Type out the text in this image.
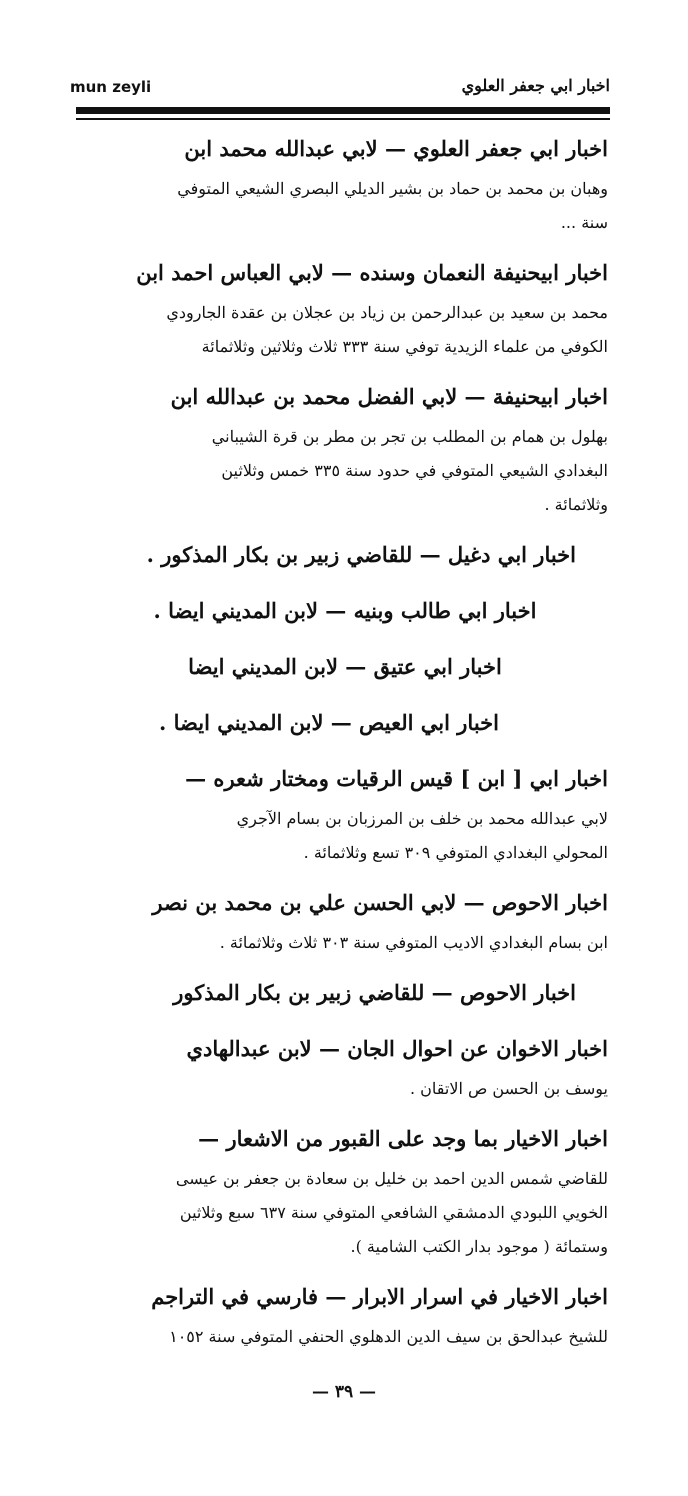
mun zeyli	اخبار ابي جعفر العلوي
اخبار ابي جعفر العلوي — لابي عبدالله محمد ابن
وهبان بن محمد بن حماد بن بشير الديلي البصري الشيعي المتوفي
سنة ...
اخبار ابيحنيفة النعمان وسنده — لابي العباس احمد ابن
محمد بن سعيد بن عبدالرحمن بن زياد بن عجلان بن عقدة الجارودي
الكوفي من علماء الزيدية توفي سنة ٣٣٣ ثلاث وثلاثين وثلاثمائة
اخبار ابيحنيفة — لابي الفضل محمد بن عبدالله ابن
بهلول بن همام بن المطلب بن تجر بن مطر بن قرة الشيباني
البغدادي الشيعي المتوفي في حدود سنة ٣٣٥ خمس وثلاثين
وثلاثمائة .
اخبار ابي دغيل — للقاضي زبير بن بكار المذكور .
اخبار ابي طالب وبنيه — لابن المديني ايضا .
اخبار ابي عتيق — لابن المديني ايضا
اخبار ابي العيص — لابن المديني ايضا .
اخبار ابي [ ابن ] قيس الرقيات ومختار شعره —
لابي عبدالله محمد بن خلف بن المرزبان بن بسام الآجري
المحولي البغدادي المتوفي ٣٠٩ تسع وثلاثمائة .
اخبار الاحوص — لابي الحسن علي بن محمد بن نصر
ابن بسام البغدادي الاديب المتوفي سنة ٣٠٣ ثلاث وثلاثمائة .
اخبار الاحوص — للقاضي زبير بن بكار المذكور
اخبار الاخوان عن احوال الجان — لابن عبدالهادي
يوسف بن الحسن ص الاتقان .
اخبار الاخيار بما وجد على القبور من الاشعار —
للقاضي شمس الدين احمد بن خليل بن سعادة بن جعفر بن عيسى
الخويي اللبودي الدمشقي الشافعي المتوفي سنة ٦٣٧ سبع وثلاثين
وستمائة ( موجود بدار الكتب الشامية ).
اخبار الاخيار في اسرار الابرار — فارسي في التراجم
للشيخ عبدالحق بن سيف الدين الدهلوي الحنفي المتوفي سنة ١٠٥٢
— ٣٩ —
